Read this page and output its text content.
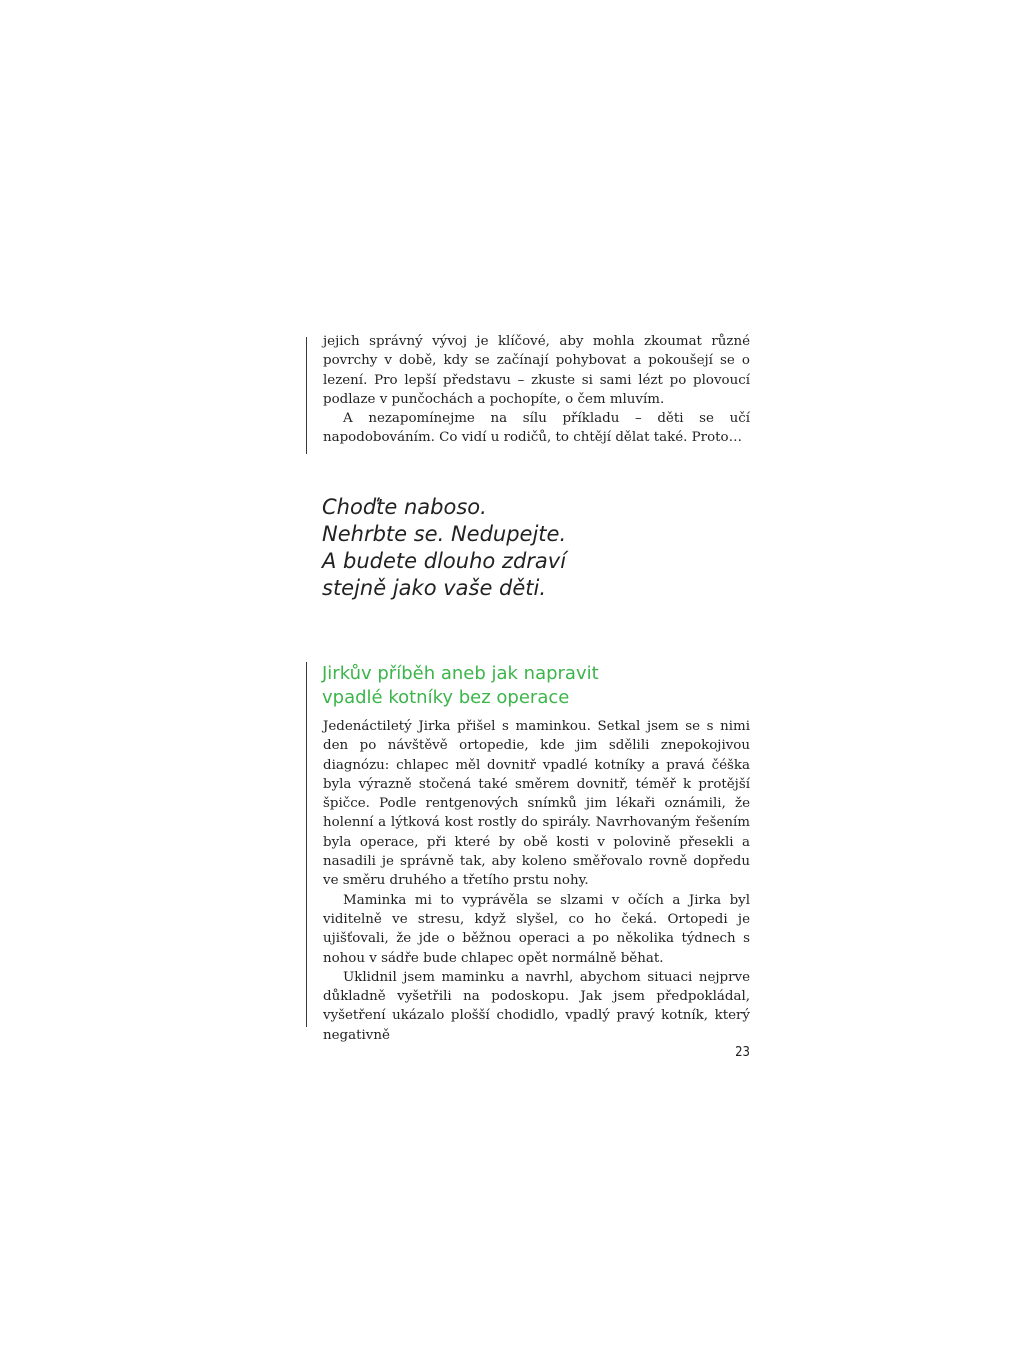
jejich správný vývoj je klíčové, aby mohla zkoumat různé povrchy v době, kdy se začínají pohybovat a pokoušejí se o lezení. Pro lepší představu – zkuste si sami lézt po plovoucí podlaze v punčochách a pochopíte, o čem mluvím.

A nezapomínejme na sílu příkladu – děti se učí napodobováním. Co vidí u rodičů, to chtějí dělat také. Proto…

Choďte naboso.
Nehrbte se. Nedupejte.
A budete dlouho zdraví
stejně jako vaše děti.
Jirkův příběh aneb jak napravit
vpadlé kotníky bez operace

Jedenáctiletý Jirka přišel s maminkou. Setkal jsem se s nimi den po návštěvě ortopedie, kde jim sdělili znepokojivou diagnózu: chlapec měl dovnitř vpadlé kotníky a pravá čéška byla výrazně stočená také směrem dovnitř, téměř k protější špičce. Podle rentgenových snímků jim lékaři oznámili, že holenní a lýtková kost rostly do spirály. Navrhovaným řešením byla operace, při které by obě kosti v polovině přesekli a nasadili je správně tak, aby koleno směřovalo rovně dopředu ve směru druhého a třetího prstu nohy.

Maminka mi to vyprávěla se slzami v očích a Jirka byl viditelně ve stresu, když slyšel, co ho čeká. Ortopedi je ujišťovali, že jde o běžnou operaci a po několika týdnech s nohou v sádře bude chlapec opět normálně běhat.

Uklidnil jsem maminku a navrhl, abychom situaci nejprve důkladně vyšetřili na podoskopu. Jak jsem předpokládal, vyšetření ukázalo plošší chodidlo, vpadlý pravý kotník, který negativně

23
